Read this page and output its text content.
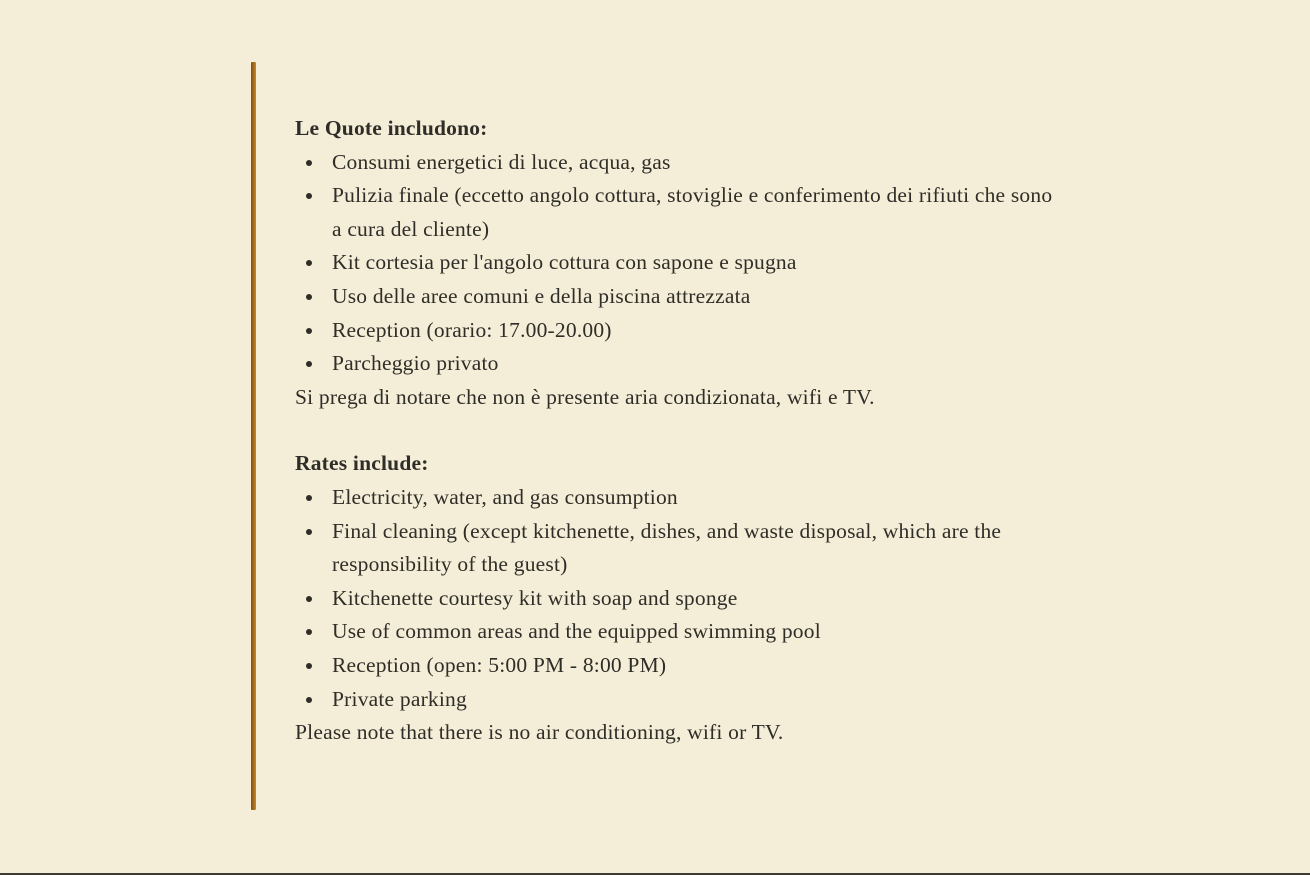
Le Quote includono:

Consumi energetici di luce, acqua, gas
Pulizia finale (eccetto angolo cottura, stoviglie e conferimento dei rifiuti che sono a cura del cliente)
Kit cortesia per l'angolo cottura con sapone e spugna
Uso delle aree comuni e della piscina attrezzata
Reception (orario: 17.00-20.00)
Parcheggio privato

Si prega di notare che non è presente aria condizionata, wifi e TV.

Rates include:

Electricity, water, and gas consumption
Final cleaning (except kitchenette, dishes, and waste disposal, which are the responsibility of the guest)
Kitchenette courtesy kit with soap and sponge
Use of common areas and the equipped swimming pool
Reception (open: 5:00 PM - 8:00 PM)
Private parking

Please note that there is no air conditioning, wifi or TV.
